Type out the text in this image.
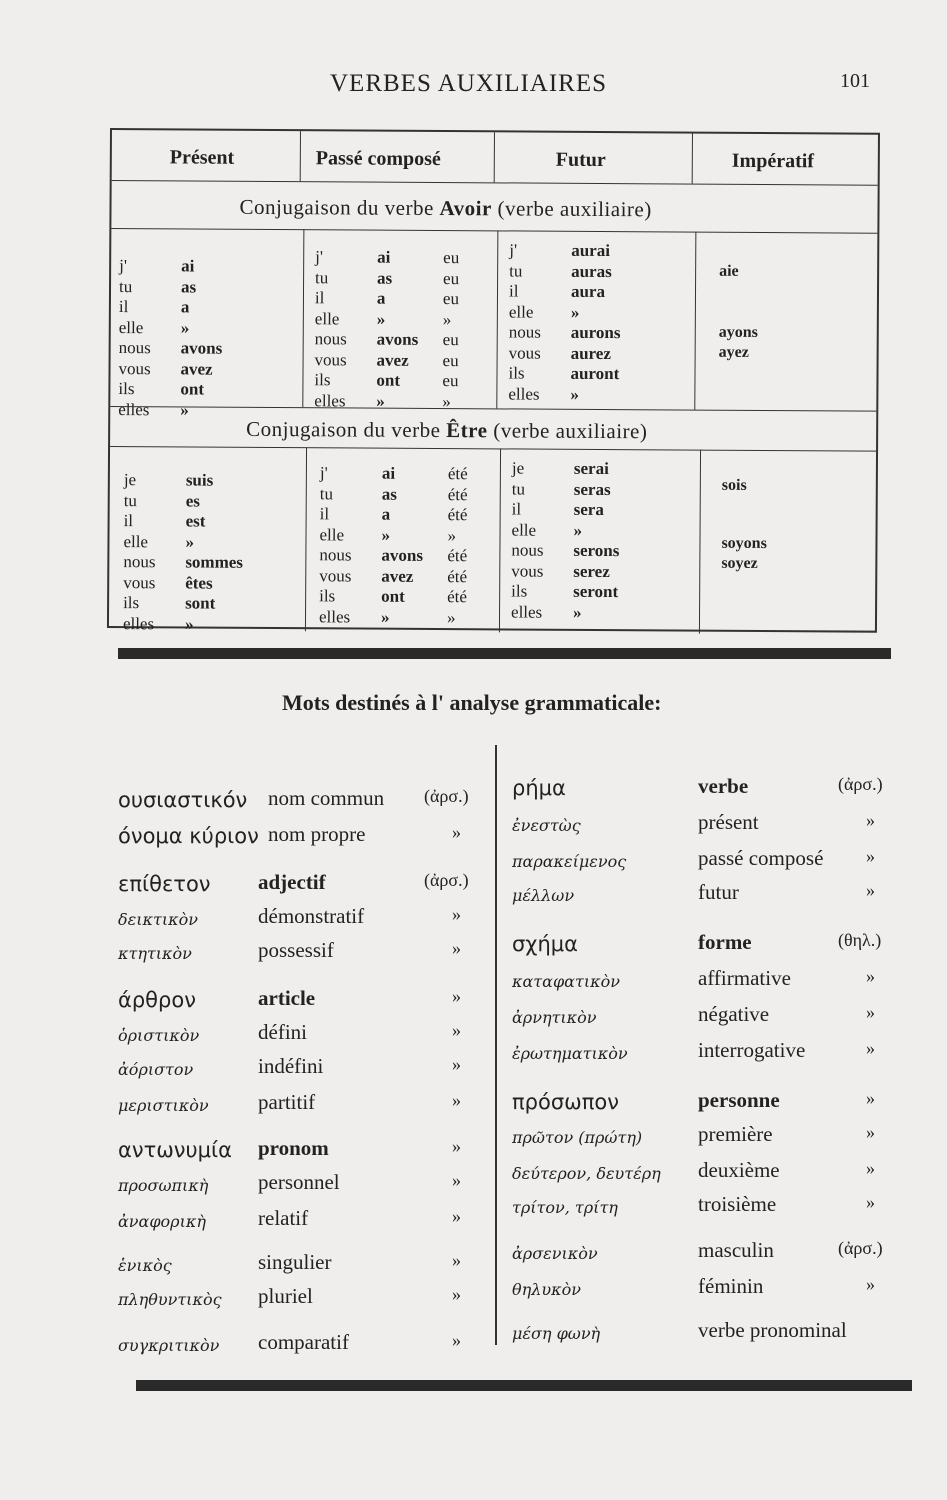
VERBES AUXILIAIRES	101
Présent	Passé composé	Futur	Impératif
Conjugaison du verbe Avoir (verbe auxiliaire)
j'	ai
tu	as
il	a
elle	»
nous	avons
vous	avez
ils	ont
elles	»
j'	ai	eu
tu	as	eu
il	a	eu
elle	»	»
nous	avons	eu
vous	avez	eu
ils	ont	eu
elles	»	»
j'	aurai
tu	auras
il	aura
elle	»
nous	aurons
vous	aurez
ils	auront
elles	»
aie
ayons
ayez
Conjugaison du verbe Être (verbe auxiliaire)
je	suis
tu	es
il	est
elle	»
nous	sommes
vous	êtes
ils	sont
elles	»
j'	ai	été
tu	as	été
il	a	été
elle	»	»
nous	avons	été
vous	avez	été
ils	ont	été
elles	»	»
je	serai
tu	seras
il	sera
elle	»
nous	serons
vous	serez
ils	seront
elles	»
sois
soyons
soyez
Mots destinés à l' analyse grammaticale:
ουσιαστικόν nom commun (ἀρσ.)
όνομα κύριον nom propre	»
επίθετον adjectif	(ἀρσ.)
δεικτικὸν	démonstratif	»
κτητικὸν	possessif	»
άρθρον	article	»
ὁριστικὸν	défini	»
ἀόριστον	indéfini	»
μεριστικὸν partitif	»
αντωνυμία pronom	»
προσωπικὴ personnel	»
ἀναφορικὴ relatif	»
ἑνικὸς	singulier	»
πληθυντικὸς pluriel	»
συγκριτικὸν comparatif	»
ρήμα	verbe	(ἀρσ.)
ἐνεστὼς	présent	»
παρακείμενος	passé composé »
μέλλων	futur	»
σχήμα	forme	(θηλ.)
καταφατικὸν	affirmative	»
ἀρνητικὸν	négative	»
ἐρωτηματικὸν	interrogative	»
πρόσωπον	personne	»
πρῶτον (πρώτη)	première	»
δεύτερον, δευτέρη deuxième	»
τρίτον, τρίτη	troisième	»
ἀρσενικὸν	masculin	(ἀρσ.)
θηλυκὸν	féminin	»
μέση φωνὴ	verbe pronominal
